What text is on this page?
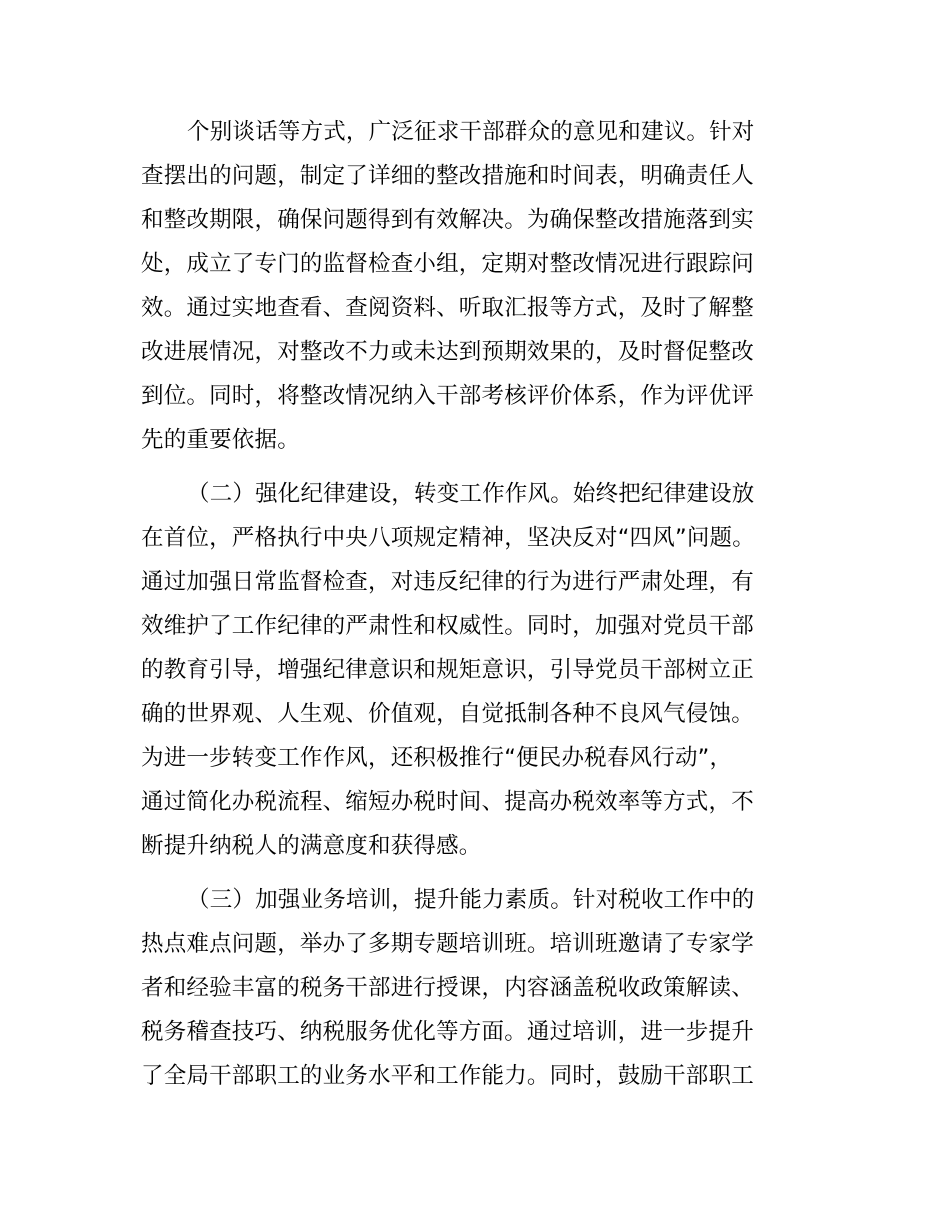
个别谈话等方式，广泛征求干部群众的意见和建议。针对
查摆出的问题，制定了详细的整改措施和时间表，明确责任人
和整改期限，确保问题得到有效解决。为确保整改措施落到实
处，成立了专门的监督检查小组，定期对整改情况进行跟踪问
效。通过实地查看、查阅资料、听取汇报等方式，及时了解整
改进展情况，对整改不力或未达到预期效果的，及时督促整改
到位。同时，将整改情况纳入干部考核评价体系，作为评优评
先的重要依据。
（二）强化纪律建设，转变工作作风。始终把纪律建设放
在首位，严格执行中央八项规定精神，坚决反对“四风”问题。
通过加强日常监督检查，对违反纪律的行为进行严肃处理，有
效维护了工作纪律的严肃性和权威性。同时，加强对党员干部
的教育引导，增强纪律意识和规矩意识，引导党员干部树立正
确的世界观、人生观、价值观，自觉抵制各种不良风气侵蚀。
为进一步转变工作作风，还积极推行“便民办税春风行动”，
通过简化办税流程、缩短办税时间、提高办税效率等方式，不
断提升纳税人的满意度和获得感。
（三）加强业务培训，提升能力素质。针对税收工作中的
热点难点问题，举办了多期专题培训班。培训班邀请了专家学
者和经验丰富的税务干部进行授课，内容涵盖税收政策解读、
税务稽查技巧、纳税服务优化等方面。通过培训，进一步提升
了全局干部职工的业务水平和工作能力。同时，鼓励干部职工
